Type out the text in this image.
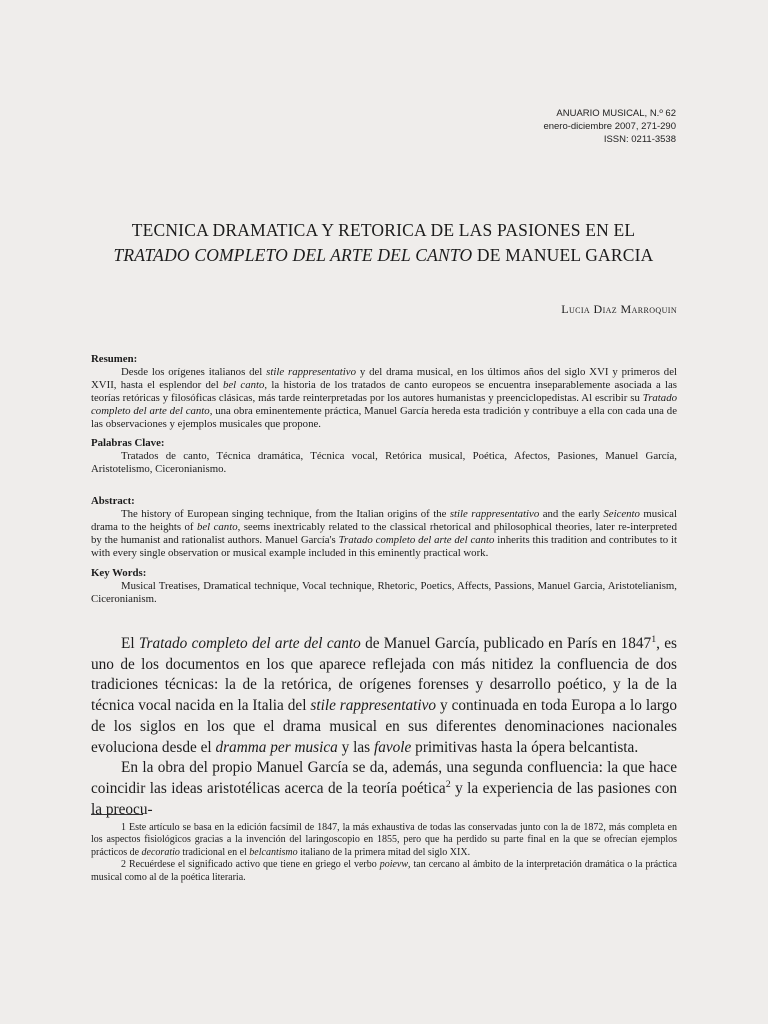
ANUARIO MUSICAL, N.º 62
enero-diciembre 2007, 271-290
ISSN: 0211-3538
TECNICA DRAMATICA Y RETORICA DE LAS PASIONES EN EL
TRATADO COMPLETO DEL ARTE DEL CANTO DE MANUEL GARCIA
Lucia Diaz Marroquin
Resumen:
Desde los orígenes italianos del stile rappresentativo y del drama musical, en los últimos años del siglo XVI y primeros del XVII, hasta el esplendor del bel canto, la historia de los tratados de canto europeos se encuentra inseparablemente asociada a las teorías retóricas y filosóficas clásicas, más tarde reinterpretadas por los autores humanistas y preenciclopedistas. Al escribir su Tratado completo del arte del canto, una obra eminentemente práctica, Manuel García hereda esta tradición y contribuye a ella con cada una de las observaciones y ejemplos musicales que propone.
Palabras Clave:
Tratados de canto, Técnica dramática, Técnica vocal, Retórica musical, Poética, Afectos, Pasiones, Manuel García, Aristotelismo, Ciceronianismo.
Abstract:
The history of European singing technique, from the Italian origins of the stile rappresentativo and the early Seicento musical drama to the heights of bel canto, seems inextricably related to the classical rhetorical and philosophical theories, later re-interpreted by the humanist and rationalist authors. Manuel García's Tratado completo del arte del canto inherits this tradition and contributes to it with every single observation or musical example included in this eminently practical work.
Key Words:
Musical Treatises, Dramatical technique, Vocal technique, Rhetoric, Poetics, Affects, Passions, Manuel Garcia, Aristotelianism, Ciceronianism.

El Tratado completo del arte del canto de Manuel García, publicado en París en 1847$^1$, es uno de los documentos en los que aparece reflejada con más nitidez la confluencia de dos tradiciones técnicas: la de la retórica, de orígenes forenses y desarrollo poético, y la de la técnica vocal nacida en la Italia del stile rappresentativo y continuada en toda Europa a lo largo de los siglos en los que el drama musical en sus diferentes denominaciones nacionales evoluciona desde el dramma per musica y las favole primitivas hasta la ópera belcantista.

En la obra del propio Manuel García se da, además, una segunda confluencia: la que hace coincidir las ideas aristotélicas acerca de la teoría poética$^2$ y la experiencia de las pasiones con la preocu-

1 Este artículo se basa en la edición facsímil de 1847, la más exhaustiva de todas las conservadas junto con la de 1872, más completa en los aspectos fisiológicos gracias a la invención del laringoscopio en 1855, pero que ha perdido su parte final en la que se ofrecían ejemplos prácticos de decoratio tradicional en el belcantismo italiano de la primera mitad del siglo XIX.

2 Recuérdese el significado activo que tiene en griego el verbo poievw, tan cercano al ámbito de la interpretación dramática o la práctica musical como al de la poética literaria.
